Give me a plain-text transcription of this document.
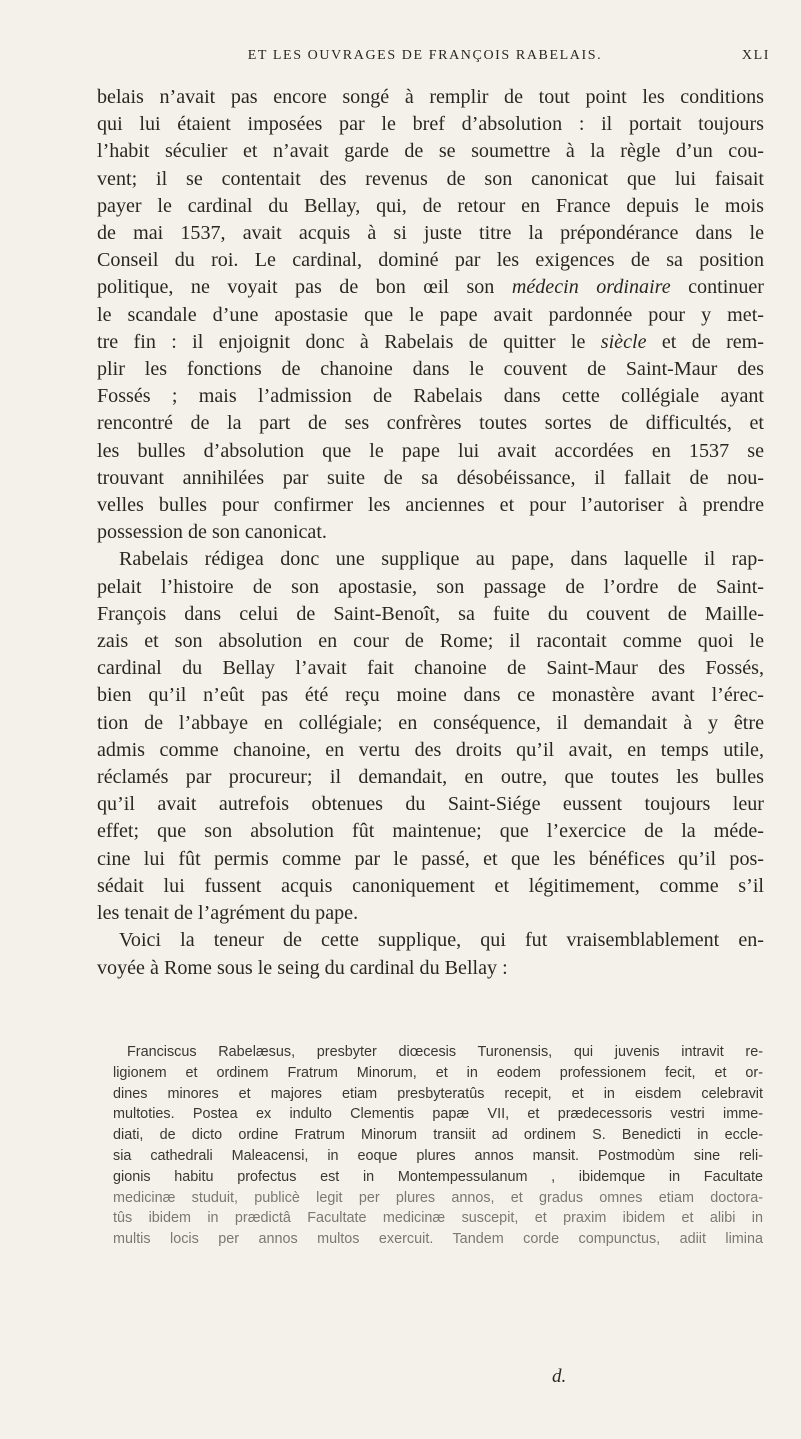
ET LES OUVRAGES DE FRANÇOIS RABELAIS.	XLI
belais n’avait pas encore songé à remplir de tout point les conditions
qui lui étaient imposées par le bref d’absolution : il portait toujours
l’habit séculier et n’avait garde de se soumettre à la règle d’un cou-
vent; il se contentait des revenus de son canonicat que lui faisait
payer le cardinal du Bellay, qui, de retour en France depuis le mois
de mai 1537, avait acquis à si juste titre la prépondérance dans le
Conseil du roi. Le cardinal, dominé par les exigences de sa position
politique, ne voyait pas de bon œil son médecin ordinaire continuer
le scandale d’une apostasie que le pape avait pardonnée pour y met-
tre fin : il enjoignit donc à Rabelais de quitter le siècle et de rem-
plir les fonctions de chanoine dans le couvent de Saint-Maur des
Fossés ; mais l’admission de Rabelais dans cette collégiale ayant
rencontré de la part de ses confrères toutes sortes de difficultés, et
les bulles d’absolution que le pape lui avait accordées en 1537 se
trouvant annihilées par suite de sa désobéissance, il fallait de nou-
velles bulles pour confirmer les anciennes et pour l’autoriser à prendre
possession de son canonicat.
Rabelais rédigea donc une supplique au pape, dans laquelle il rap-
pelait l’histoire de son apostasie, son passage de l’ordre de Saint-
François dans celui de Saint-Benoît, sa fuite du couvent de Maille-
zais et son absolution en cour de Rome; il racontait comme quoi le
cardinal du Bellay l’avait fait chanoine de Saint-Maur des Fossés,
bien qu’il n’eût pas été reçu moine dans ce monastère avant l’érec-
tion de l’abbaye en collégiale; en conséquence, il demandait à y être
admis comme chanoine, en vertu des droits qu’il avait, en temps utile,
réclamés par procureur; il demandait, en outre, que toutes les bulles
qu’il avait autrefois obtenues du Saint-Siége eussent toujours leur
effet; que son absolution fût maintenue; que l’exercice de la méde-
cine lui fût permis comme par le passé, et que les bénéfices qu’il pos-
sédait lui fussent acquis canoniquement et légitimement, comme s’il
les tenait de l’agrément du pape.
Voici la teneur de cette supplique, qui fut vraisemblablement en-
voyée à Rome sous le seing du cardinal du Bellay :
Franciscus Rabelæsus, presbyter diœcesis Turonensis, qui juvenis intravit re-
ligionem et ordinem Fratrum Minorum, et in eodem professionem fecit, et or-
dines minores et majores etiam presbyteratûs recepit, et in eisdem celebravit
multoties. Postea ex indulto Clementis papæ VII, et prædecessoris vestri imme-
diati, de dicto ordine Fratrum Minorum transiit ad ordinem S. Benedicti in eccle-
sia cathedrali Maleacensi, in eoque plures annos mansit. Postmodùm sine reli-
gionis habitu profectus est in Montempessulanum , ibidemque in Facultate
medicinæ studuit, publicè legit per plures annos, et gradus omnes etiam doctora-
tûs ibidem in prædictâ Facultate medicinæ suscepit, et praxim ibidem et alibi in
multis locis per annos multos exercuit. Tandem corde compunctus, adiit limina
d.
